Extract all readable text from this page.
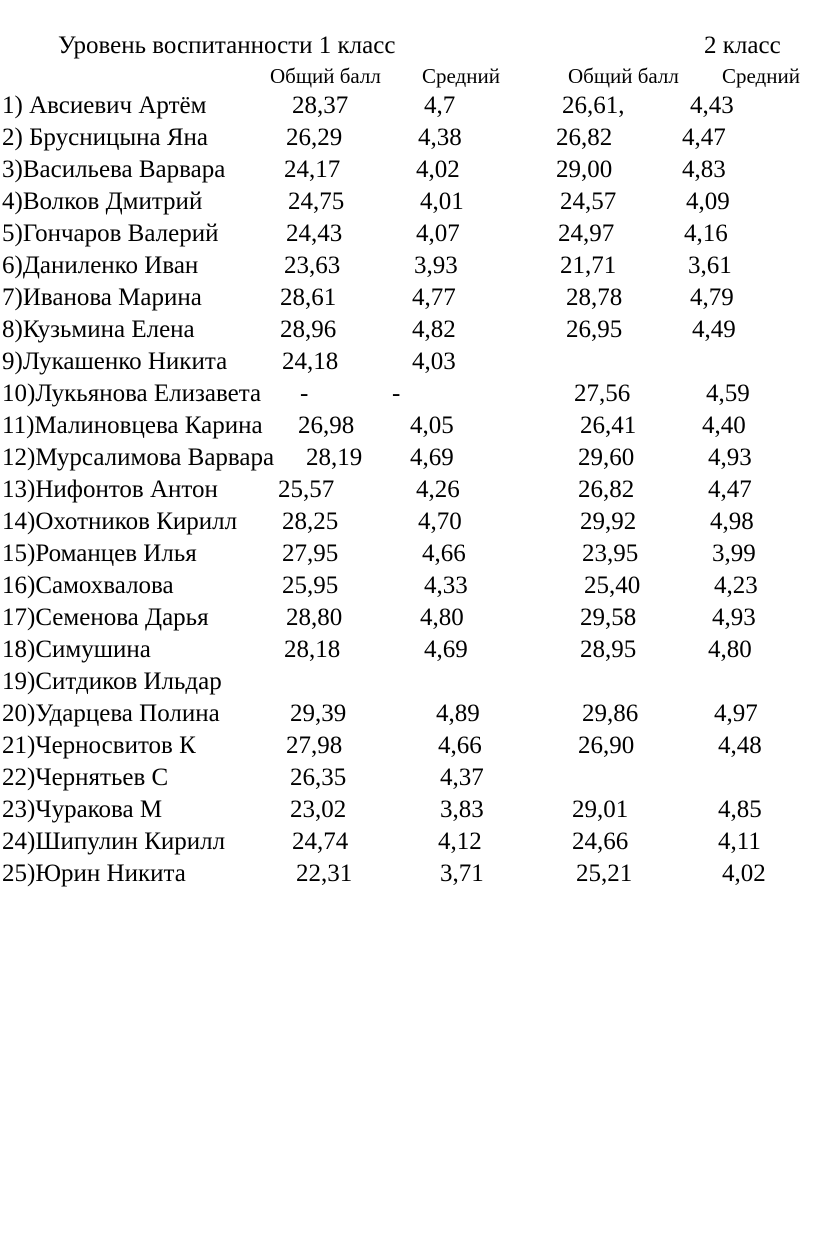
Уровень воспитанности 1 класс	2 класс
Общий балл Средний	Общий балл Средний
1) Авсиевич Артём	28,37	4,7	26,61,	4,43
2) Брусницына Яна	26,29	4,38	26,82	4,47
3)Васильева Варвара 24,17	4,02	29,00	4,83
4)Волков Дмитрий	24,75	4,01	24,57	4,09
5)Гончаров Валерий	24,43	4,07	24,97	4,16
6)Даниленко Иван	23,63	3,93	21,71	3,61
7)Иванова Марина	28,61	4,77	28,78	4,79
8)Кузьмина Елена	28,96	4,82	26,95	4,49
9)Лукашенко Никита 24,18	4,03
10)Лукьянова Елизавета -	-	27,56	4,59
11)Малиновцева Карина 26,98 4,05	26,41	4,40
12)Мурсалимова Варвара 28,19 4,69	29,60	4,93
13)Нифонтов Антон 25,57	4,26	26,82	4,47
14)Охотников Кирилл 28,25	4,70	29,92	4,98
15)Романцев Илья	27,95	4,66	23,95	3,99
16)Самохвалова	25,95	4,33	25,40	4,23
17)Семенова Дарья	28,80	4,80	29,58	4,93
18)Симушина	28,18	4,69	28,95	4,80
19)Ситдиков Ильдар
20)Ударцева Полина	29,39	4,89	29,86	4,97
21)Черносвитов К	27,98	4,66	26,90	4,48
22)Чернятьев С	26,35	4,37
23)Чуракова М	23,02	3,83	29,01	4,85
24)Шипулин Кирилл	24,74	4,12	24,66	4,11
25)Юрин Никита	22,31	3,71	25,21	4,02
